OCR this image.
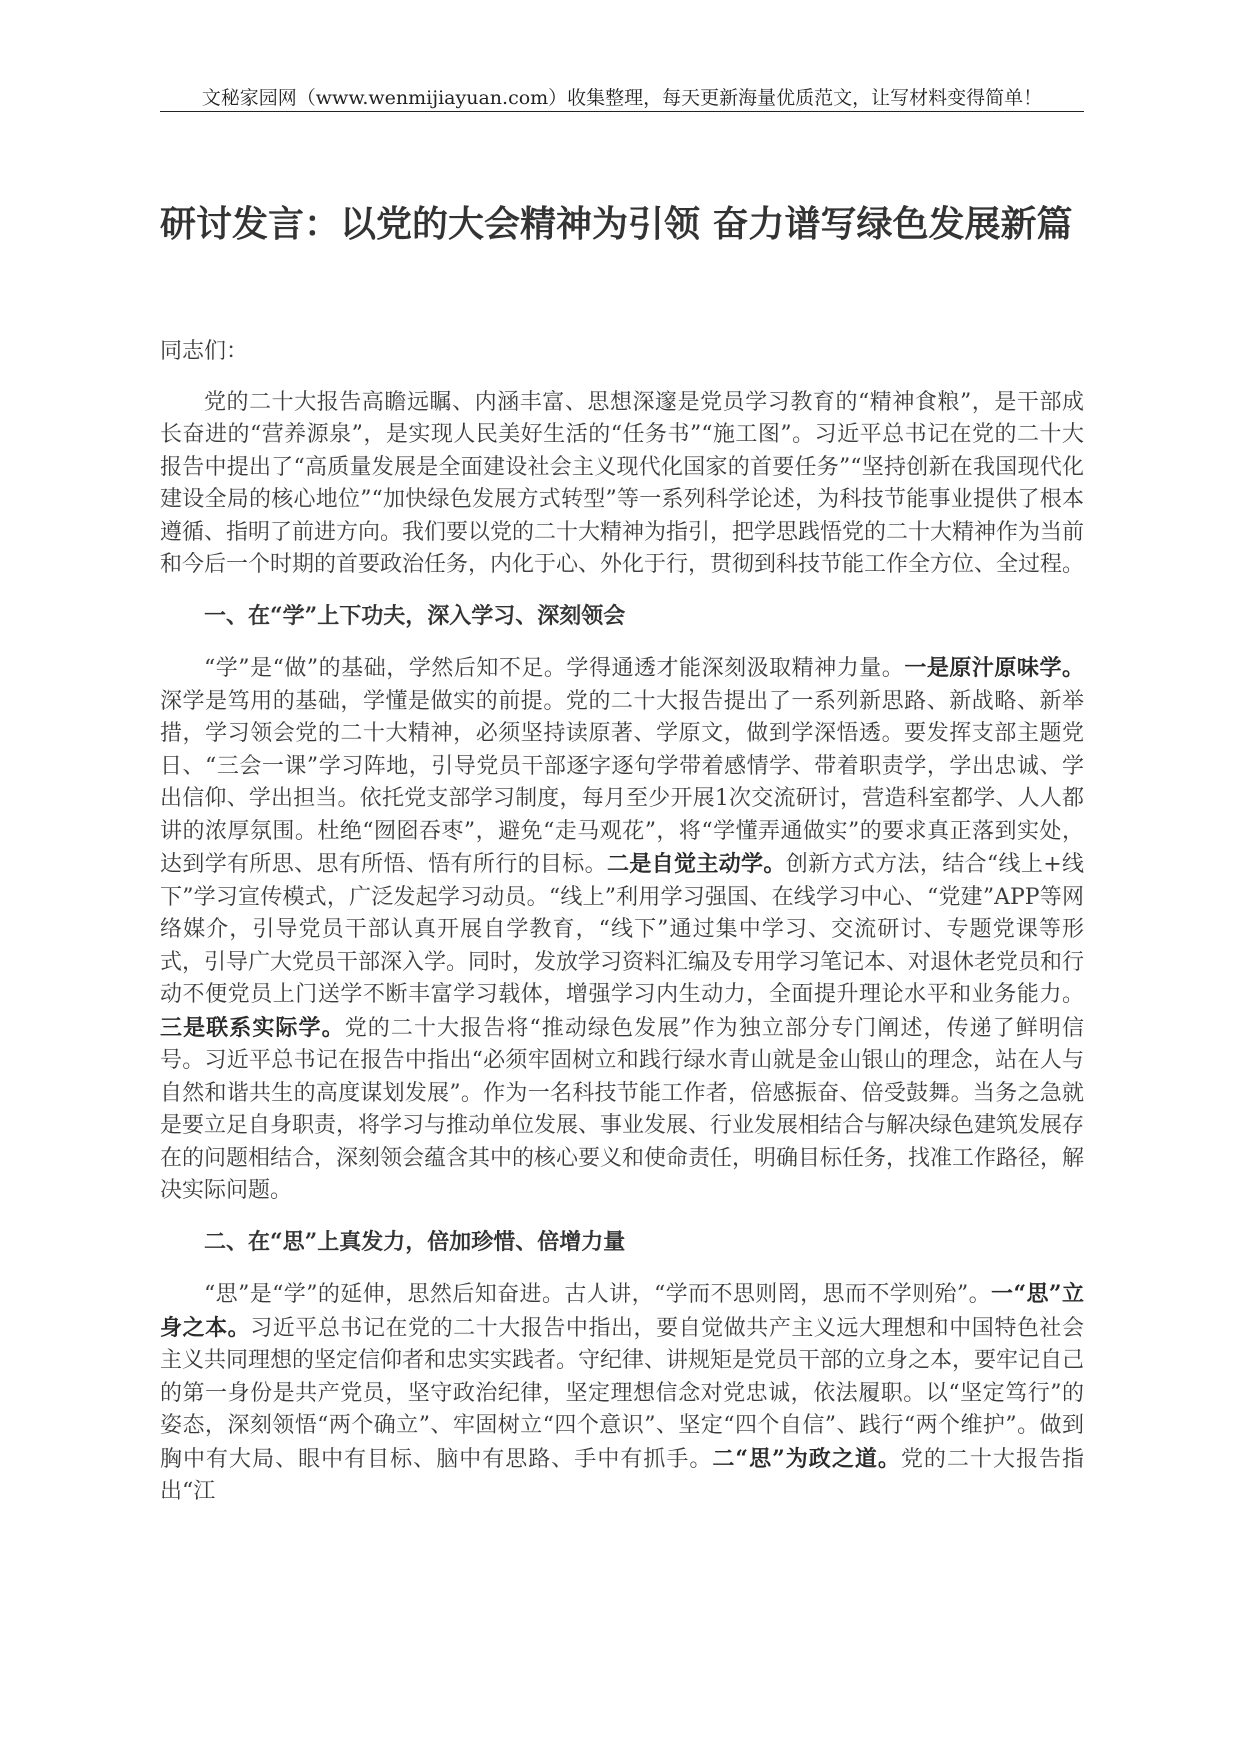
文秘家园网（www.wenmijiayuan.com）收集整理，每天更新海量优质范文，让写材料变得简单！
研讨发言：以党的大会精神为引领 奋力谱写绿色发展新篇

同志们：

党的二十大报告高瞻远瞩、内涵丰富、思想深邃是党员学习教育的“精神食粮”，是干部成长奋进的“营养源泉”，是实现人民美好生活的“任务书”“施工图”。习近平总书记在党的二十大报告中提出了“高质量发展是全面建设社会主义现代化国家的首要任务”“坚持创新在我国现代化建设全局的核心地位”“加快绿色发展方式转型”等一系列科学论述，为科技节能事业提供了根本遵循、指明了前进方向。我们要以党的二十大精神为指引，把学思践悟党的二十大精神作为当前和今后一个时期的首要政治任务，内化于心、外化于行，贯彻到科技节能工作全方位、全过程。

一、在“学”上下功夫，深入学习、深刻领会

“学”是“做”的基础，学然后知不足。学得通透才能深刻汲取精神力量。一是原汁原味学。深学是笃用的基础，学懂是做实的前提。党的二十大报告提出了一系列新思路、新战略、新举措，学习领会党的二十大精神，必须坚持读原著、学原文，做到学深悟透。要发挥支部主题党日、“三会一课”学习阵地，引导党员干部逐字逐句学带着感情学、带着职责学，学出忠诚、学出信仰、学出担当。依托党支部学习制度，每月至少开展1次交流研讨，营造科室都学、人人都讲的浓厚氛围。杜绝“囫囵吞枣”，避免“走马观花”，将“学懂弄通做实”的要求真正落到实处，达到学有所思、思有所悟、悟有所行的目标。二是自觉主动学。创新方式方法，结合“线上+线下”学习宣传模式，广泛发起学习动员。“线上”利用学习强国、在线学习中心、“党建”APP等网络媒介，引导党员干部认真开展自学教育，“线下”通过集中学习、交流研讨、专题党课等形式，引导广大党员干部深入学。同时，发放学习资料汇编及专用学习笔记本、对退休老党员和行动不便党员上门送学不断丰富学习载体，增强学习内生动力，全面提升理论水平和业务能力。三是联系实际学。党的二十大报告将“推动绿色发展”作为独立部分专门阐述，传递了鲜明信号。习近平总书记在报告中指出“必须牢固树立和践行绿水青山就是金山银山的理念，站在人与自然和谐共生的高度谋划发展”。作为一名科技节能工作者，倍感振奋、倍受鼓舞。当务之急就是要立足自身职责，将学习与推动单位发展、事业发展、行业发展相结合与解决绿色建筑发展存在的问题相结合，深刻领会蕴含其中的核心要义和使命责任，明确目标任务，找准工作路径，解决实际问题。

二、在“思”上真发力，倍加珍惜、倍增力量

“思”是“学”的延伸，思然后知奋进。古人讲，“学而不思则罔，思而不学则殆”。一“思”立身之本。习近平总书记在党的二十大报告中指出，要自觉做共产主义远大理想和中国特色社会主义共同理想的坚定信仰者和忠实实践者。守纪律、讲规矩是党员干部的立身之本，要牢记自己的第一身份是共产党员，坚守政治纪律，坚定理想信念对党忠诚，依法履职。以“坚定笃行”的姿态，深刻领悟“两个确立”、牢固树立“四个意识”、坚定“四个自信”、践行“两个维护”。做到胸中有大局、眼中有目标、脑中有思路、手中有抓手。二“思”为政之道。党的二十大报告指出“江
